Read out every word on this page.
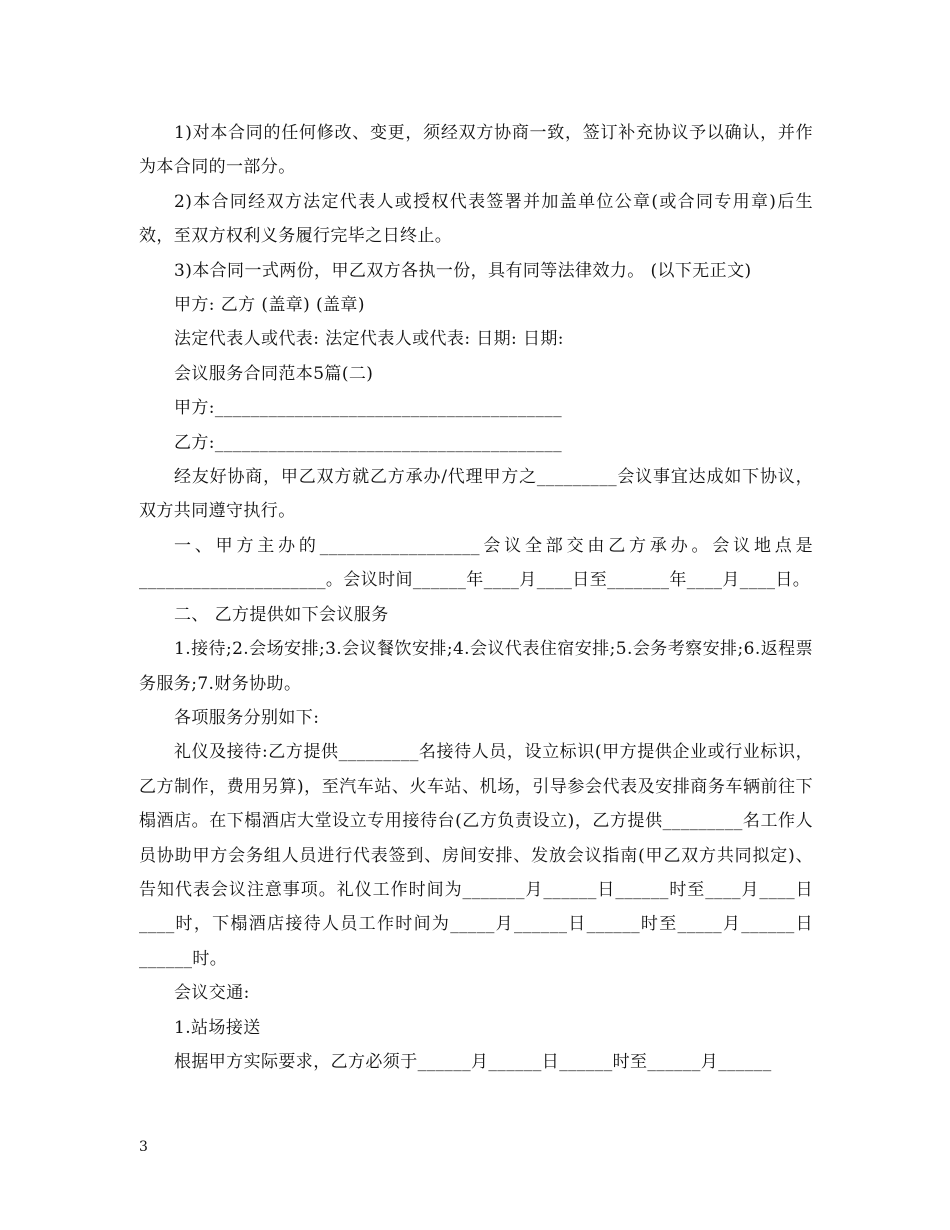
1)对本合同的任何修改、变更，须经双方协商一致，签订补充协议予以确认，并作为本合同的一部分。

2)本合同经双方法定代表人或授权代表签署并加盖单位公章(或合同专用章)后生效，至双方权利义务履行完毕之日终止。

3)本合同一式两份，甲乙双方各执一份，具有同等法律效力。 (以下无正文)

甲方: 乙方 (盖章) (盖章)

法定代表人或代表: 法定代表人或代表: 日期: 日期:

会议服务合同范本5篇(二)

甲方:_______________________________________

乙方:_______________________________________

经友好协商，甲乙双方就乙方承办/代理甲方之_________会议事宜达成如下协议，双方共同遵守执行。

一、甲方主办的__________________会议全部交由乙方承办。会议地点是_____________________。会议时间______年____月____日至_______年____月____日。

二、 乙方提供如下会议服务

1.接待;2.会场安排;3.会议餐饮安排;4.会议代表住宿安排;5.会务考察安排;6.返程票务服务;7.财务协助。

各项服务分别如下:

礼仪及接待:乙方提供_________名接待人员，设立标识(甲方提供企业或行业标识，乙方制作，费用另算)，至汽车站、火车站、机场，引导参会代表及安排商务车辆前往下榻酒店。在下榻酒店大堂设立专用接待台(乙方负责设立)，乙方提供_________名工作人员协助甲方会务组人员进行代表签到、房间安排、发放会议指南(甲乙双方共同拟定)、告知代表会议注意事项。礼仪工作时间为_______月______日______时至____月____日____时，下榻酒店接待人员工作时间为_____月______日______时至_____月______日______时。

会议交通:

1.站场接送

根据甲方实际要求，乙方必须于______月______日______时至______月______

3
